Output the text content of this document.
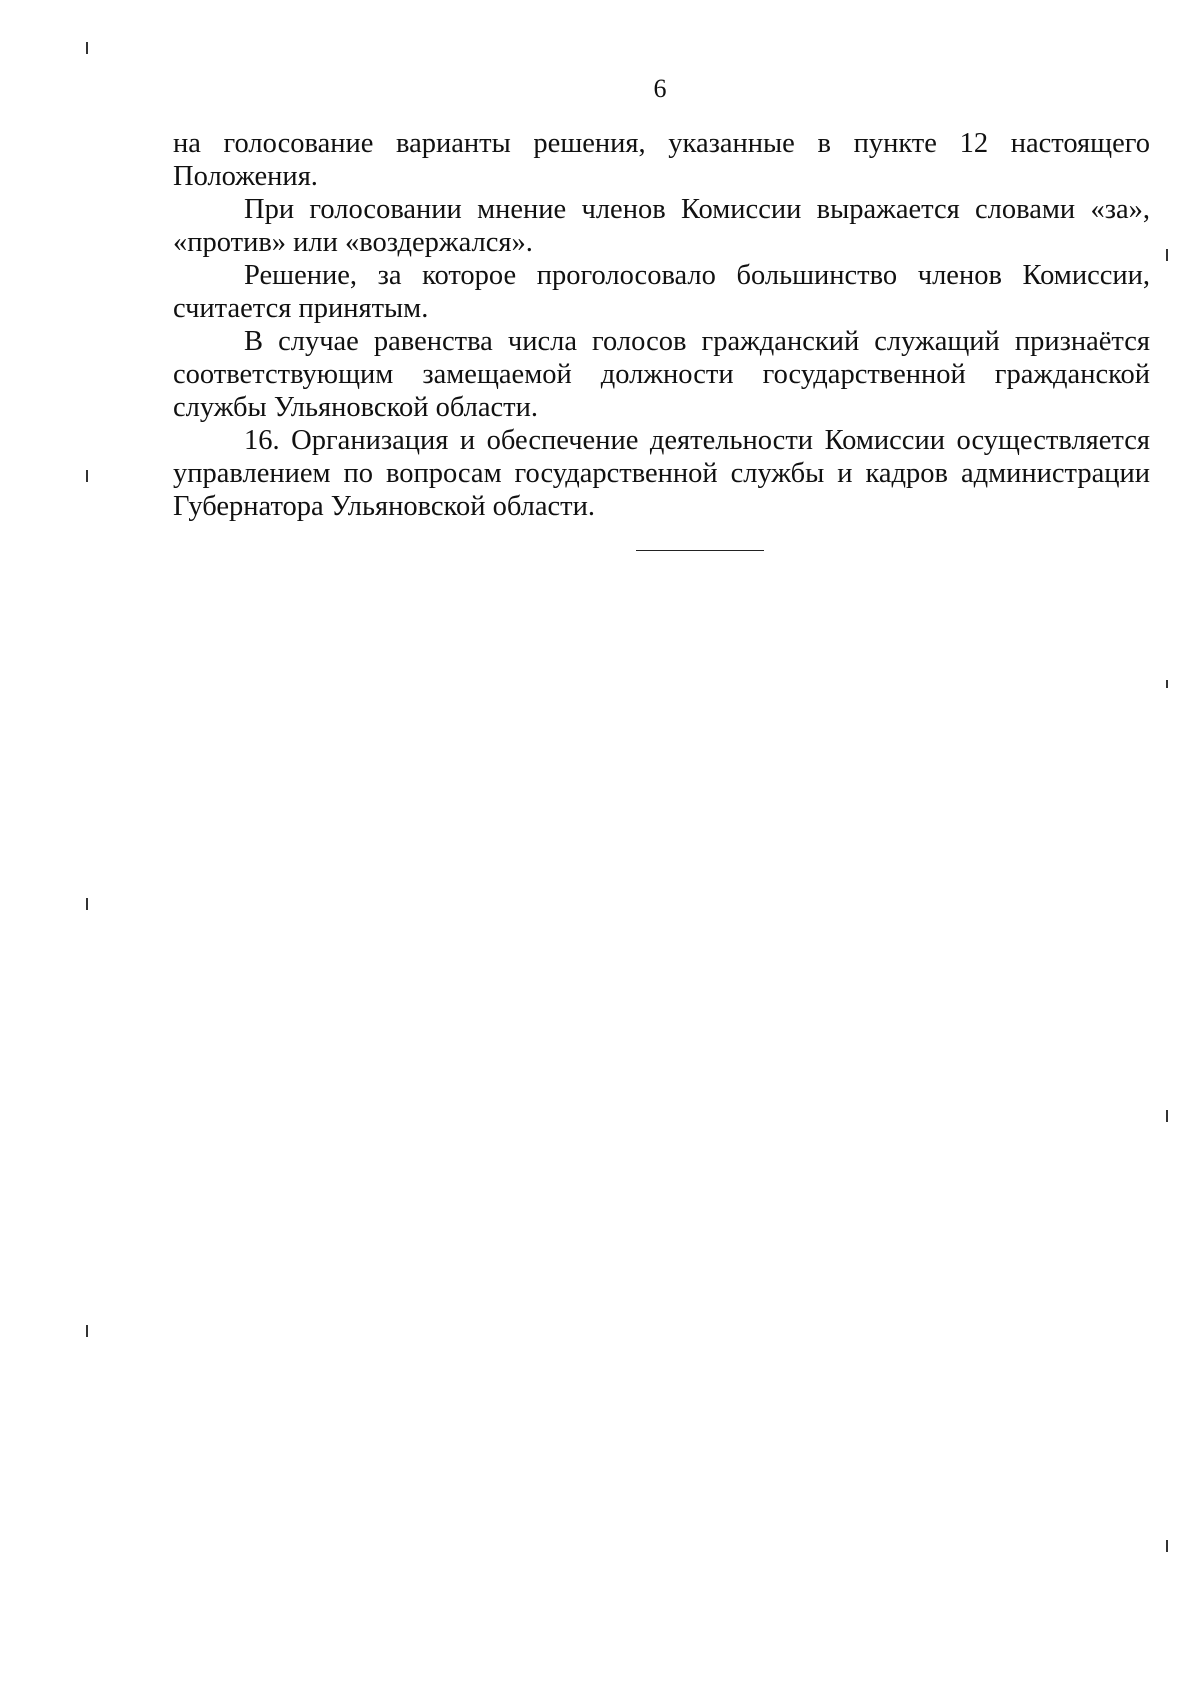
6

на голосование варианты решения, указанные в пункте 12 настоящего Положения.

При голосовании мнение членов Комиссии выражается словами «за», «против» или «воздержался».

Решение, за которое проголосовало большинство членов Комиссии, считается принятым.

В случае равенства числа голосов гражданский служащий признаётся соответствующим замещаемой должности государственной гражданской службы Ульяновской области.

16. Организация и обеспечение деятельности Комиссии осуществляется управлением по вопросам государственной службы и кадров администрации Губернатора Ульяновской области.
